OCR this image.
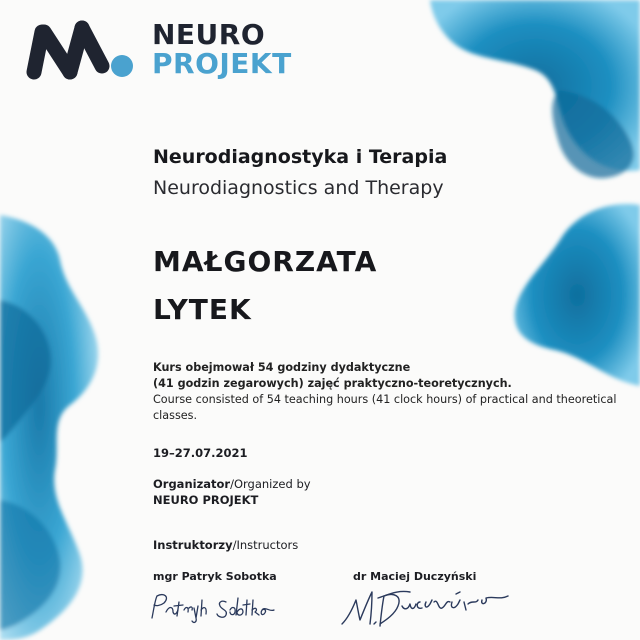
NEURO
PROJEKT
Neurodiagnostyka i Terapia
Neurodiagnostics and Therapy
MAŁGORZATA
LYTEK
Kurs obejmował 54 godziny dydaktyczne
(41 godzin zegarowych) zajęć praktyczno-teoretycznych.
Course consisted of 54 teaching hours (41 clock hours) of practical and theoretical
classes.
19–27.07.2021
Organizator/Organized by
NEURO PROJEKT
Instruktorzy/Instructors
mgr Patryk Sobotka	dr Maciej Duczyński
